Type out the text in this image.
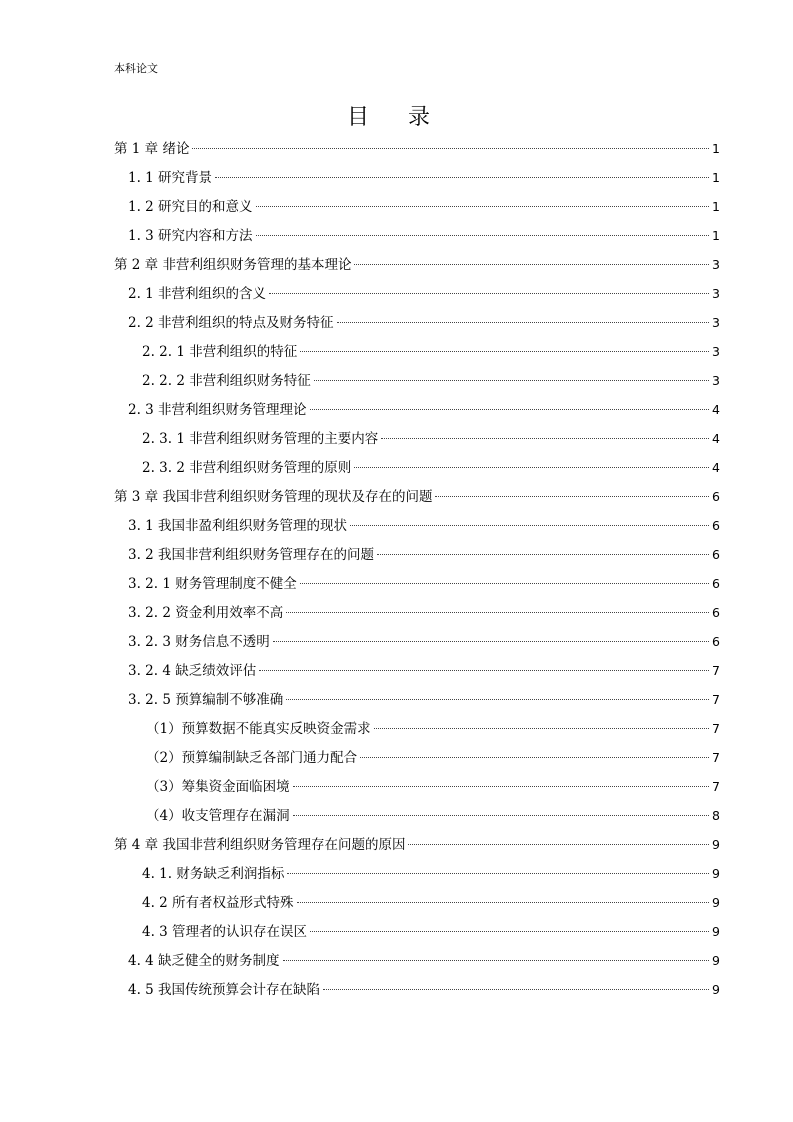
本科论文
目 录
第 1 章 绪论	1
1. 1 研究背景	1
1. 2 研究目的和意义	1
1. 3 研究内容和方法	1
第 2 章 非营利组织财务管理的基本理论	3
2. 1 非营利组织的含义	3
2. 2 非营利组织的特点及财务特征	3
2. 2. 1 非营利组织的特征	3
2. 2. 2 非营利组织财务特征	3
2. 3 非营利组织财务管理理论	4
2. 3. 1 非营利组织财务管理的主要内容	4
2. 3. 2 非营利组织财务管理的原则	4
第 3 章 我国非营利组织财务管理的现状及存在的问题	6
3. 1 我国非盈利组织财务管理的现状	6
3. 2 我国非营利组织财务管理存在的问题	6
3. 2. 1 财务管理制度不健全	6
3. 2. 2 资金利用效率不高	6
3. 2. 3 财务信息不透明	6
3. 2. 4 缺乏绩效评估	7
3. 2. 5 预算编制不够准确	7
（1）预算数据不能真实反映资金需求	7
（2）预算编制缺乏各部门通力配合	7
（3）筹集资金面临困境	7
（4）收支管理存在漏洞	8
第 4 章 我国非营利组织财务管理存在问题的原因	9
4. 1. 财务缺乏利润指标	9
4. 2 所有者权益形式特殊	9
4. 3 管理者的认识存在误区	9
4. 4 缺乏健全的财务制度	9
4. 5 我国传统预算会计存在缺陷	9
